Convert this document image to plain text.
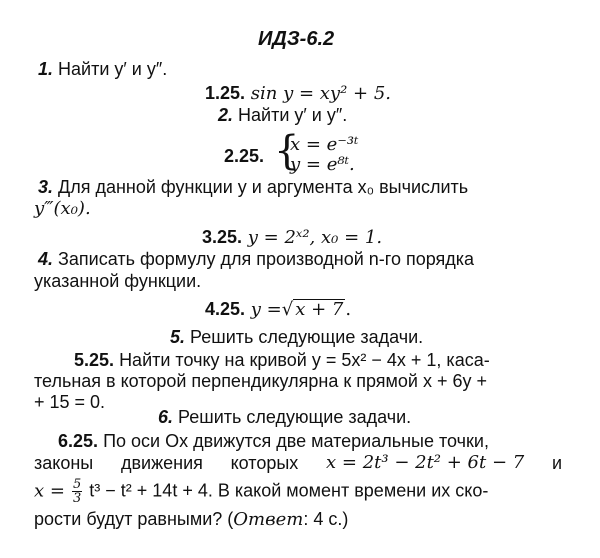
ИДЗ-6.2
1. Найти y′ и y″.
1.25. sin y = xy² + 5.
2. Найти y′ и y″.
2.25. {
x = e⁻³ᵗ
y = e⁸ᵗ.
3. Для данной функции y и аргумента x₀ вычислить
y‴(x₀).
3.25. y = 2ˣ², x₀ = 1.
4. Записать формулу для производной n-го порядка
указанной функции.
4.25. y =√ x + 7 .
5. Решить следующие задачи.
5.25. Найти точку на кривой y = 5x² − 4x + 1, каса-
тельная в которой перпендикулярна к прямой x + 6y +
+ 15 = 0.
6. Решить следующие задачи.
6.25. По оси Ox движутся две материальные точки,
законы движения которых x = 2t³ − 2t² + 6t − 7 и
$x = \frac{5}{3} t^3 - t^2 + 14t + 4$. В какой момент времени их ско-
рости будут равными? (Ответ: 4 с.)
